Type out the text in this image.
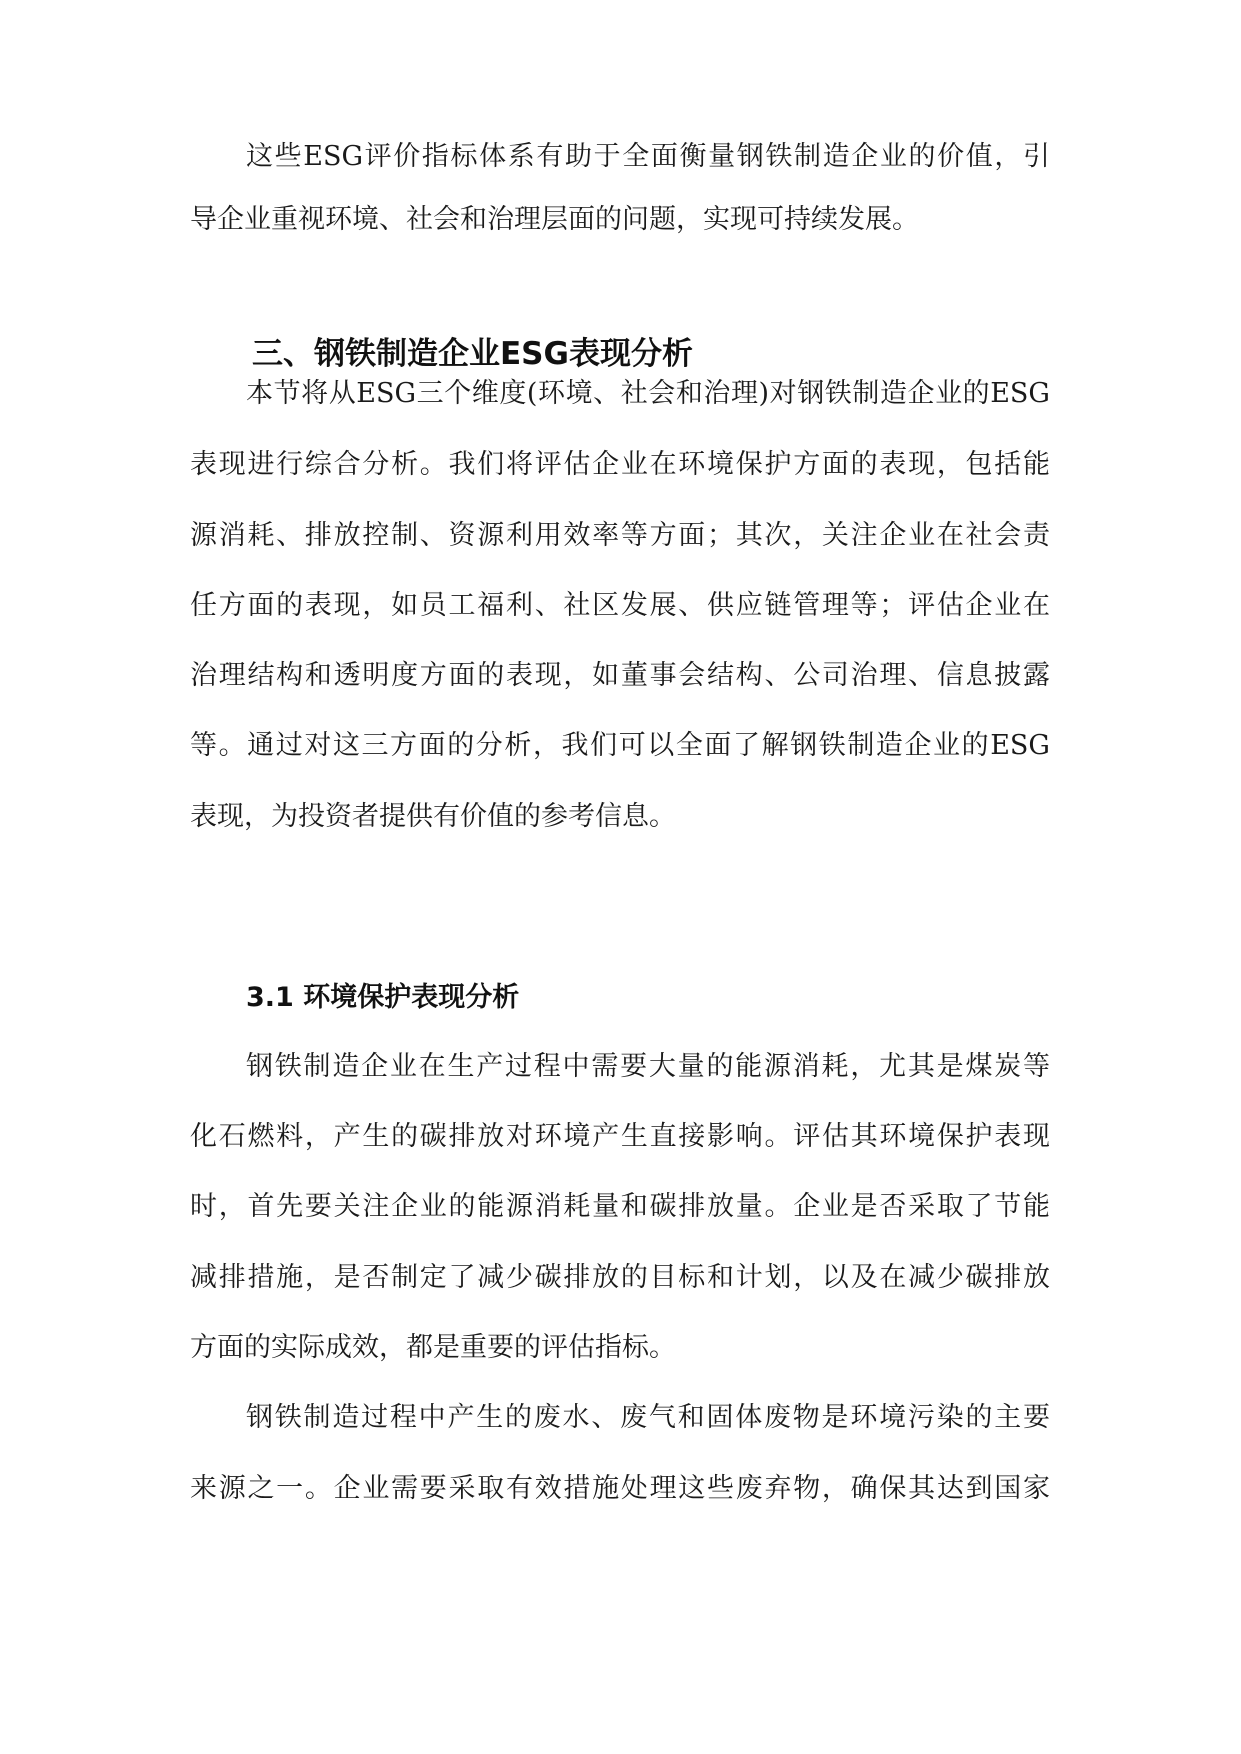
这些ESG评价指标体系有助于全面衡量钢铁制造企业的价值，引
导企业重视环境、社会和治理层面的问题，实现可持续发展。
三、钢铁制造企业ESG表现分析
本节将从ESG三个维度(环境、社会和治理)对钢铁制造企业的ESG
表现进行综合分析。我们将评估企业在环境保护方面的表现，包括能
源消耗、排放控制、资源利用效率等方面；其次，关注企业在社会责
任方面的表现，如员工福利、社区发展、供应链管理等；评估企业在
治理结构和透明度方面的表现，如董事会结构、公司治理、信息披露
等。通过对这三方面的分析，我们可以全面了解钢铁制造企业的ESG
表现，为投资者提供有价值的参考信息。
3.1 环境保护表现分析
钢铁制造企业在生产过程中需要大量的能源消耗，尤其是煤炭等
化石燃料，产生的碳排放对环境产生直接影响。评估其环境保护表现
时，首先要关注企业的能源消耗量和碳排放量。企业是否采取了节能
减排措施，是否制定了减少碳排放的目标和计划，以及在减少碳排放
方面的实际成效，都是重要的评估指标。
钢铁制造过程中产生的废水、废气和固体废物是环境污染的主要
来源之一。企业需要采取有效措施处理这些废弃物，确保其达到国家
